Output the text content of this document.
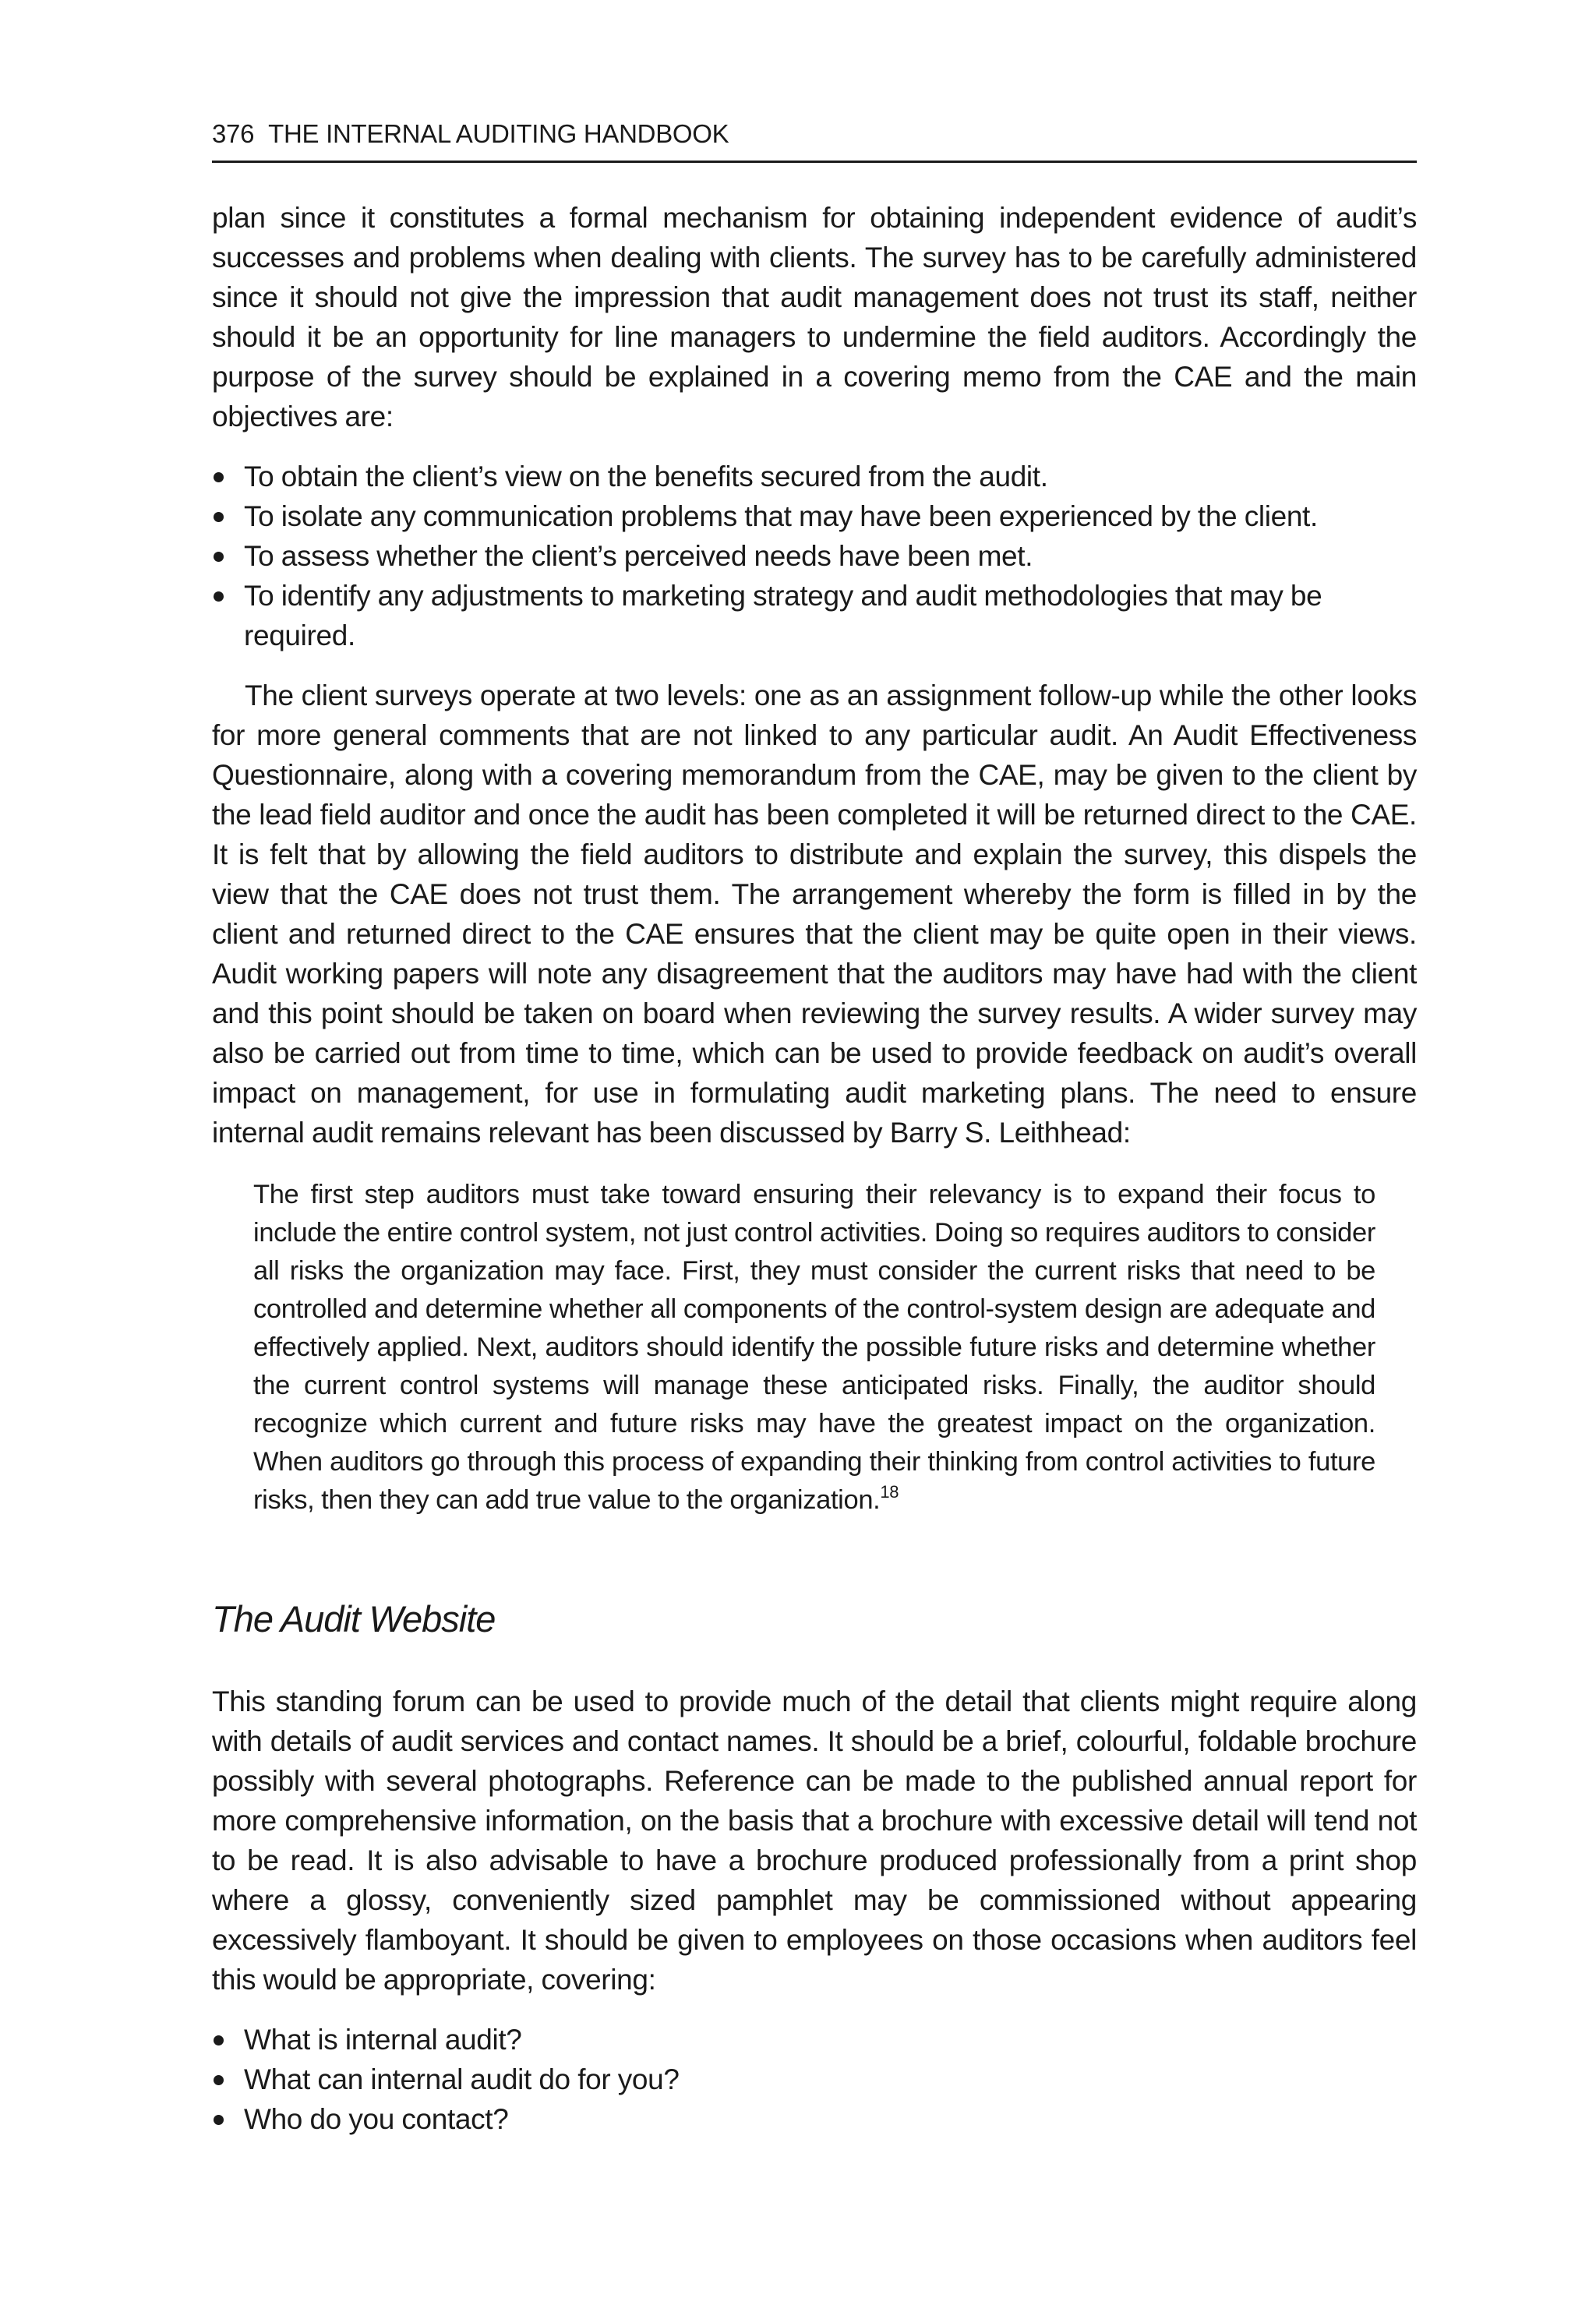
376 THE INTERNAL AUDITING HANDBOOK

plan since it constitutes a formal mechanism for obtaining independent evidence of audit’s successes and problems when dealing with clients. The survey has to be carefully administered since it should not give the impression that audit management does not trust its staff, neither should it be an opportunity for line managers to undermine the field auditors. Accordingly the purpose of the survey should be explained in a covering memo from the CAE and the main objectives are:

To obtain the client’s view on the benefits secured from the audit.
To isolate any communication problems that may have been experienced by the client.
To assess whether the client’s perceived needs have been met.
To identify any adjustments to marketing strategy and audit methodologies that may be required.

The client surveys operate at two levels: one as an assignment follow-up while the other looks for more general comments that are not linked to any particular audit. An Audit Effectiveness Questionnaire, along with a covering memorandum from the CAE, may be given to the client by the lead field auditor and once the audit has been completed it will be returned direct to the CAE. It is felt that by allowing the field auditors to distribute and explain the survey, this dispels the view that the CAE does not trust them. The arrangement whereby the form is filled in by the client and returned direct to the CAE ensures that the client may be quite open in their views. Audit working papers will note any disagreement that the auditors may have had with the client and this point should be taken on board when reviewing the survey results. A wider survey may also be carried out from time to time, which can be used to provide feedback on audit’s overall impact on management, for use in formulating audit marketing plans. The need to ensure internal audit remains relevant has been discussed by Barry S. Leithhead:

The first step auditors must take toward ensuring their relevancy is to expand their focus to include the entire control system, not just control activities. Doing so requires auditors to consider all risks the organization may face. First, they must consider the current risks that need to be controlled and determine whether all components of the control-system design are adequate and effectively applied. Next, auditors should identify the possible future risks and determine whether the current control systems will manage these anticipated risks. Finally, the auditor should recognize which current and future risks may have the greatest impact on the organization. When auditors go through this process of expanding their thinking from control activities to future risks, then they can add true value to the organization.$^{18}$
The Audit Website

This standing forum can be used to provide much of the detail that clients might require along with details of audit services and contact names. It should be a brief, colourful, foldable brochure possibly with several photographs. Reference can be made to the published annual report for more comprehensive information, on the basis that a brochure with excessive detail will tend not to be read. It is also advisable to have a brochure produced professionally from a print shop where a glossy, conveniently sized pamphlet may be commissioned without appearing excessively flamboyant. It should be given to employees on those occasions when auditors feel this would be appropriate, covering:

What is internal audit?
What can internal audit do for you?
Who do you contact?
